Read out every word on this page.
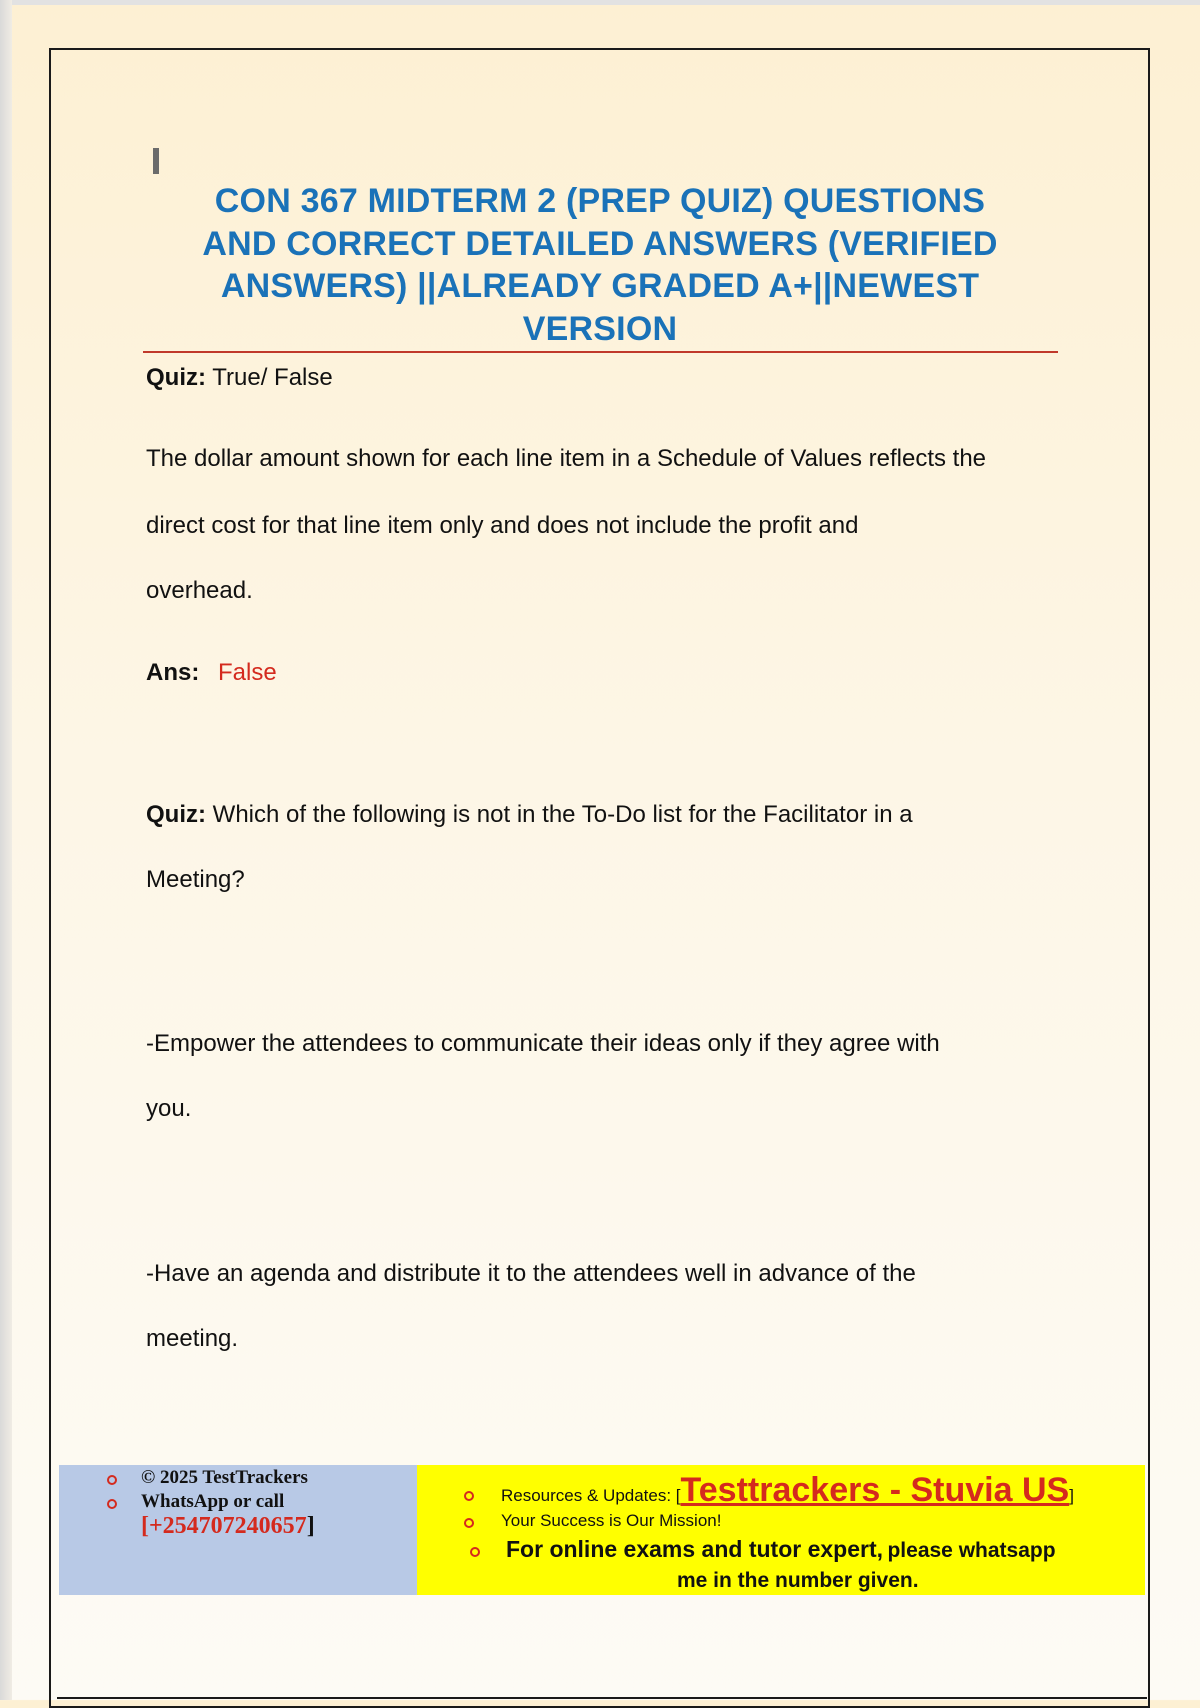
CON 367 MIDTERM 2 (PREP QUIZ) QUESTIONS
AND CORRECT DETAILED ANSWERS (VERIFIED
ANSWERS) ||ALREADY GRADED A+||NEWEST
VERSION
Quiz: True/ False
The dollar amount shown for each line item in a Schedule of Values reflects the
direct cost for that line item only and does not include the profit and
overhead.
Ans: False
Quiz: Which of the following is not in the To-Do list for the Facilitator in a
Meeting?
-Empower the attendees to communicate their ideas only if they agree with
you.
-Have an agenda and distribute it to the attendees well in advance of the
meeting.
© 2025 TestTrackers
WhatsApp or call
[+254707240657]
Resources & Updates: [Testtrackers - Stuvia US]
Your Success is Our Mission!
For online exams and tutor expert, please whatsapp
me in the number given.
